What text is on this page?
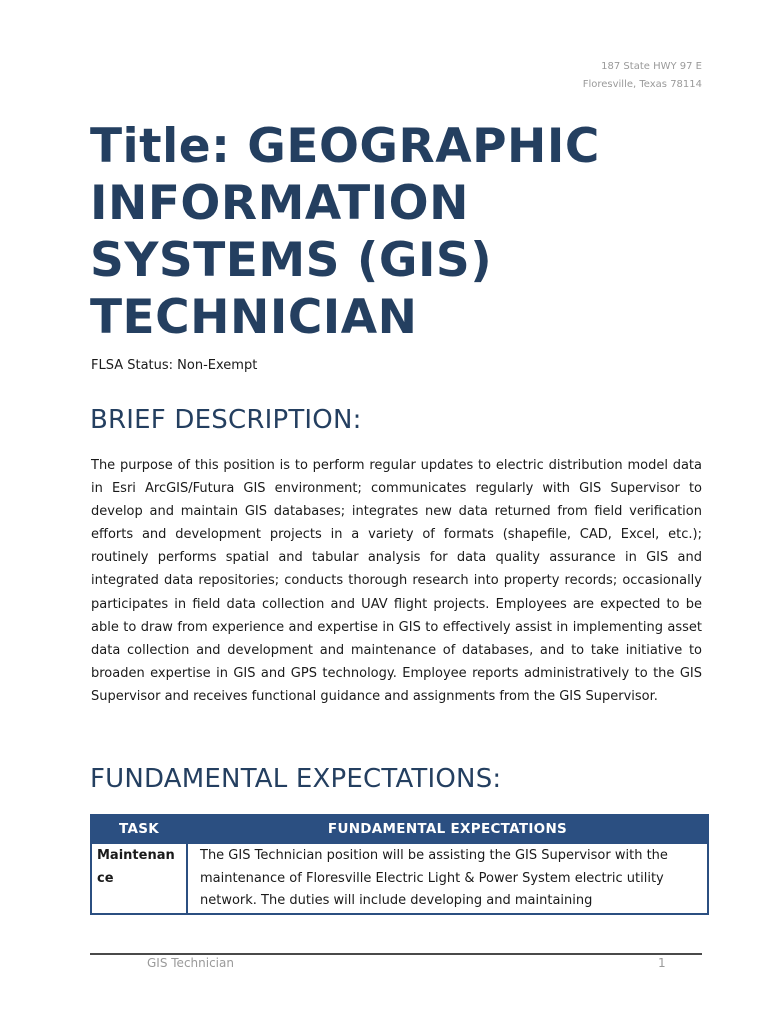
187 State HWY 97 E
Floresville, Texas 78114
Title: GEOGRAPHIC INFORMATION SYSTEMS (GIS) TECHNICIAN
FLSA Status: Non-Exempt
BRIEF DESCRIPTION:

The purpose of this position is to perform regular updates to electric distribution model data in Esri ArcGIS/Futura GIS environment; communicates regularly with GIS Supervisor to develop and maintain GIS databases; integrates new data returned from field verification efforts and development projects in a variety of formats (shapefile, CAD, Excel, etc.); routinely performs spatial and tabular analysis for data quality assurance in GIS and integrated data repositories; conducts thorough research into property records; occasionally participates in field data collection and UAV flight projects. Employees are expected to be able to draw from experience and expertise in GIS to effectively assist in implementing asset data collection and development and maintenance of databases, and to take initiative to broaden expertise in GIS and GPS technology. Employee reports administratively to the GIS Supervisor and receives functional guidance and assignments from the GIS Supervisor.

FUNDAMENTAL EXPECTATIONS:
TASK	FUNDAMENTAL EXPECTATIONS
Maintenance	The GIS Technician position will be assisting the GIS Supervisor with the maintenance of Floresville Electric Light & Power System electric utility network. The duties will include developing and maintaining
GIS Technician	1
